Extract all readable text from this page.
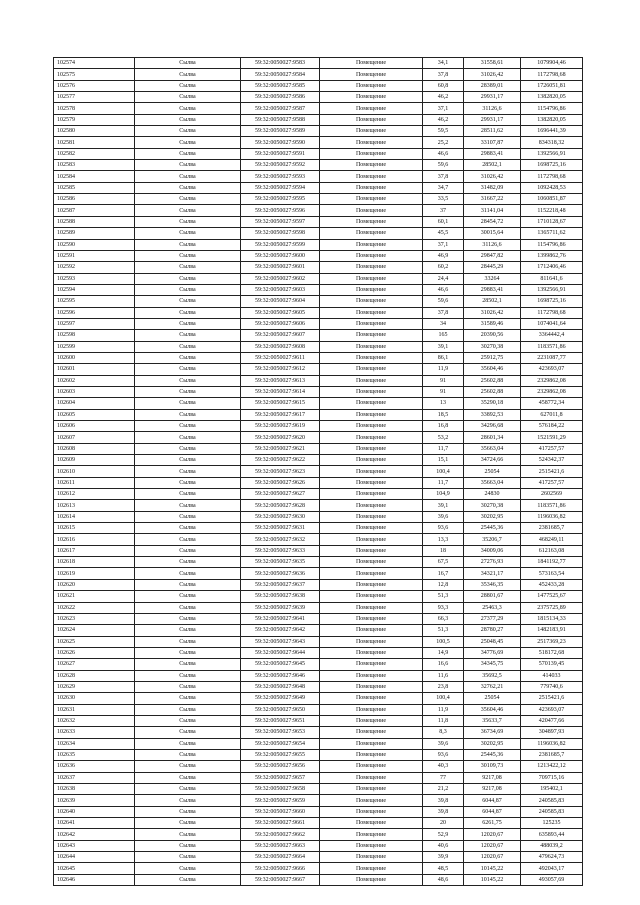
102574	Сылва	59:32:0050027:9583	Помещение	34,1	31558,61	1079904,46
102575	Сылва	59:32:0050027:9584	Помещение	37,8	31026,42	1172798,68
102576	Сылва	59:32:0050027:9585	Помещение	60,8	28389,01	1726051,81
102577	Сылва	59:32:0050027:9586	Помещение	46,2	29931,17	1382820,05
102578	Сылва	59:32:0050027:9587	Помещение	37,1	31126,6	1154796,86
102579	Сылва	59:32:0050027:9588	Помещение	46,2	29931,17	1382820,05
102580	Сылва	59:32:0050027:9589	Помещение	59,5	28511,62	1696441,39
102581	Сылва	59:32:0050027:9590	Помещение	25,2	33107,87	834318,32
102582	Сылва	59:32:0050027:9591	Помещение	46,6	29883,41	1392566,91
102583	Сылва	59:32:0050027:9592	Помещение	59,6	28502,1	1698725,16
102584	Сылва	59:32:0050027:9593	Помещение	37,8	31026,42	1172798,68
102585	Сылва	59:32:0050027:9594	Помещение	34,7	31482,09	1092428,53
102586	Сылва	59:32:0050027:9595	Помещение	33,5	31667,22	1060851,87
102587	Сылва	59:32:0050027:9596	Помещение	37	31141,04	1152218,48
102588	Сылва	59:32:0050027:9597	Помещение	60,1	28454,72	1710128,67
102589	Сылва	59:32:0050027:9598	Помещение	45,5	30015,64	1365711,62
102590	Сылва	59:32:0050027:9599	Помещение	37,1	31126,6	1154796,86
102591	Сылва	59:32:0050027:9600	Помещение	46,9	29847,82	1399862,76
102592	Сылва	59:32:0050027:9601	Помещение	60,2	28445,29	1712406,46
102593	Сылва	59:32:0050027:9602	Помещение	24,4	33264	811641,6
102594	Сылва	59:32:0050027:9603	Помещение	46,6	29883,41	1392566,91
102595	Сылва	59:32:0050027:9604	Помещение	59,6	28502,1	1698725,16
102596	Сылва	59:32:0050027:9605	Помещение	37,8	31026,42	1172798,68
102597	Сылва	59:32:0050027:9606	Помещение	34	31589,46	1074041,64
102598	Сылва	59:32:0050027:9607	Помещение	165	20390,56	3364442,4
102599	Сылва	59:32:0050027:9608	Помещение	39,1	30270,38	1183571,86
102600	Сылва	59:32:0050027:9611	Помещение	86,1	25912,75	2231087,77
102601	Сылва	59:32:0050027:9612	Помещение	11,9	35604,46	423693,07
102602	Сылва	59:32:0050027:9613	Помещение	91	25602,88	2329862,08
102603	Сылва	59:32:0050027:9614	Помещение	91	25602,88	2329862,08
102604	Сылва	59:32:0050027:9615	Помещение	13	35290,18	458772,34
102605	Сылва	59:32:0050027:9617	Помещение	18,5	33892,53	627011,8
102606	Сылва	59:32:0050027:9619	Помещение	16,8	34296,68	576184,22
102607	Сылва	59:32:0050027:9620	Помещение	53,2	28601,34	1521591,29
102608	Сылва	59:32:0050027:9621	Помещение	11,7	35663,04	417257,57
102609	Сылва	59:32:0050027:9622	Помещение	15,1	34724,66	524342,37
102610	Сылва	59:32:0050027:9623	Помещение	100,4	25054	2515421,6
102611	Сылва	59:32:0050027:9626	Помещение	11,7	35663,04	417257,57
102612	Сылва	59:32:0050027:9627	Помещение	104,9	24830	2602569
102613	Сылва	59:32:0050027:9628	Помещение	39,1	30270,38	1183571,86
102614	Сылва	59:32:0050027:9630	Помещение	39,6	30202,95	1196036,82
102615	Сылва	59:32:0050027:9631	Помещение	93,6	25445,36	2381685,7
102616	Сылва	59:32:0050027:9632	Помещение	13,3	35206,7	468249,11
102617	Сылва	59:32:0050027:9633	Помещение	18	34009,06	612163,08
102618	Сылва	59:32:0050027:9635	Помещение	67,5	27276,93	1841192,77
102619	Сылва	59:32:0050027:9636	Помещение	16,7	34321,17	573163,54
102620	Сылва	59:32:0050027:9637	Помещение	12,8	35346,35	452433,28
102621	Сылва	59:32:0050027:9638	Помещение	51,3	28801,67	1477525,67
102622	Сылва	59:32:0050027:9639	Помещение	93,3	25463,3	2375725,89
102623	Сылва	59:32:0050027:9641	Помещение	66,3	27377,29	1815134,33
102624	Сылва	59:32:0050027:9642	Помещение	51,3	28780,27	1482183,91
102625	Сылва	59:32:0050027:9643	Помещение	100,5	25048,45	2517369,23
102626	Сылва	59:32:0050027:9644	Помещение	14,9	34776,69	518172,68
102627	Сылва	59:32:0050027:9645	Помещение	16,6	34345,75	570139,45
102628	Сылва	59:32:0050027:9646	Помещение	11,6	35692,5	414033
102629	Сылва	59:32:0050027:9648	Помещение	23,8	32762,21	779740,6
102630	Сылва	59:32:0050027:9649	Помещение	100,4	25054	2515421,6
102631	Сылва	59:32:0050027:9650	Помещение	11,9	35604,46	423693,07
102632	Сылва	59:32:0050027:9651	Помещение	11,8	35633,7	420477,66
102633	Сылва	59:32:0050027:9653	Помещение	8,3	36734,69	304897,93
102634	Сылва	59:32:0050027:9654	Помещение	39,6	30202,95	1196036,82
102635	Сылва	59:32:0050027:9655	Помещение	93,6	25445,36	2381685,7
102636	Сылва	59:32:0050027:9656	Помещение	40,3	30109,73	1213422,12
102637	Сылва	59:32:0050027:9657	Помещение	77	9217,08	709715,16
102638	Сылва	59:32:0050027:9658	Помещение	21,2	9217,08	195402,1
102639	Сылва	59:32:0050027:9659	Помещение	39,8	6044,87	240585,83
102640	Сылва	59:32:0050027:9660	Помещение	39,8	6044,87	240585,83
102641	Сылва	59:32:0050027:9661	Помещение	20	6261,75	125235
102642	Сылва	59:32:0050027:9662	Помещение	52,9	12020,67	635893,44
102643	Сылва	59:32:0050027:9663	Помещение	40,6	12020,67	488039,2
102644	Сылва	59:32:0050027:9664	Помещение	39,9	12020,67	479624,73
102645	Сылва	59:32:0050027:9666	Помещение	48,5	10145,22	492043,17
102646	Сылва	59:32:0050027:9667	Помещение	48,6	10145,22	493057,69
